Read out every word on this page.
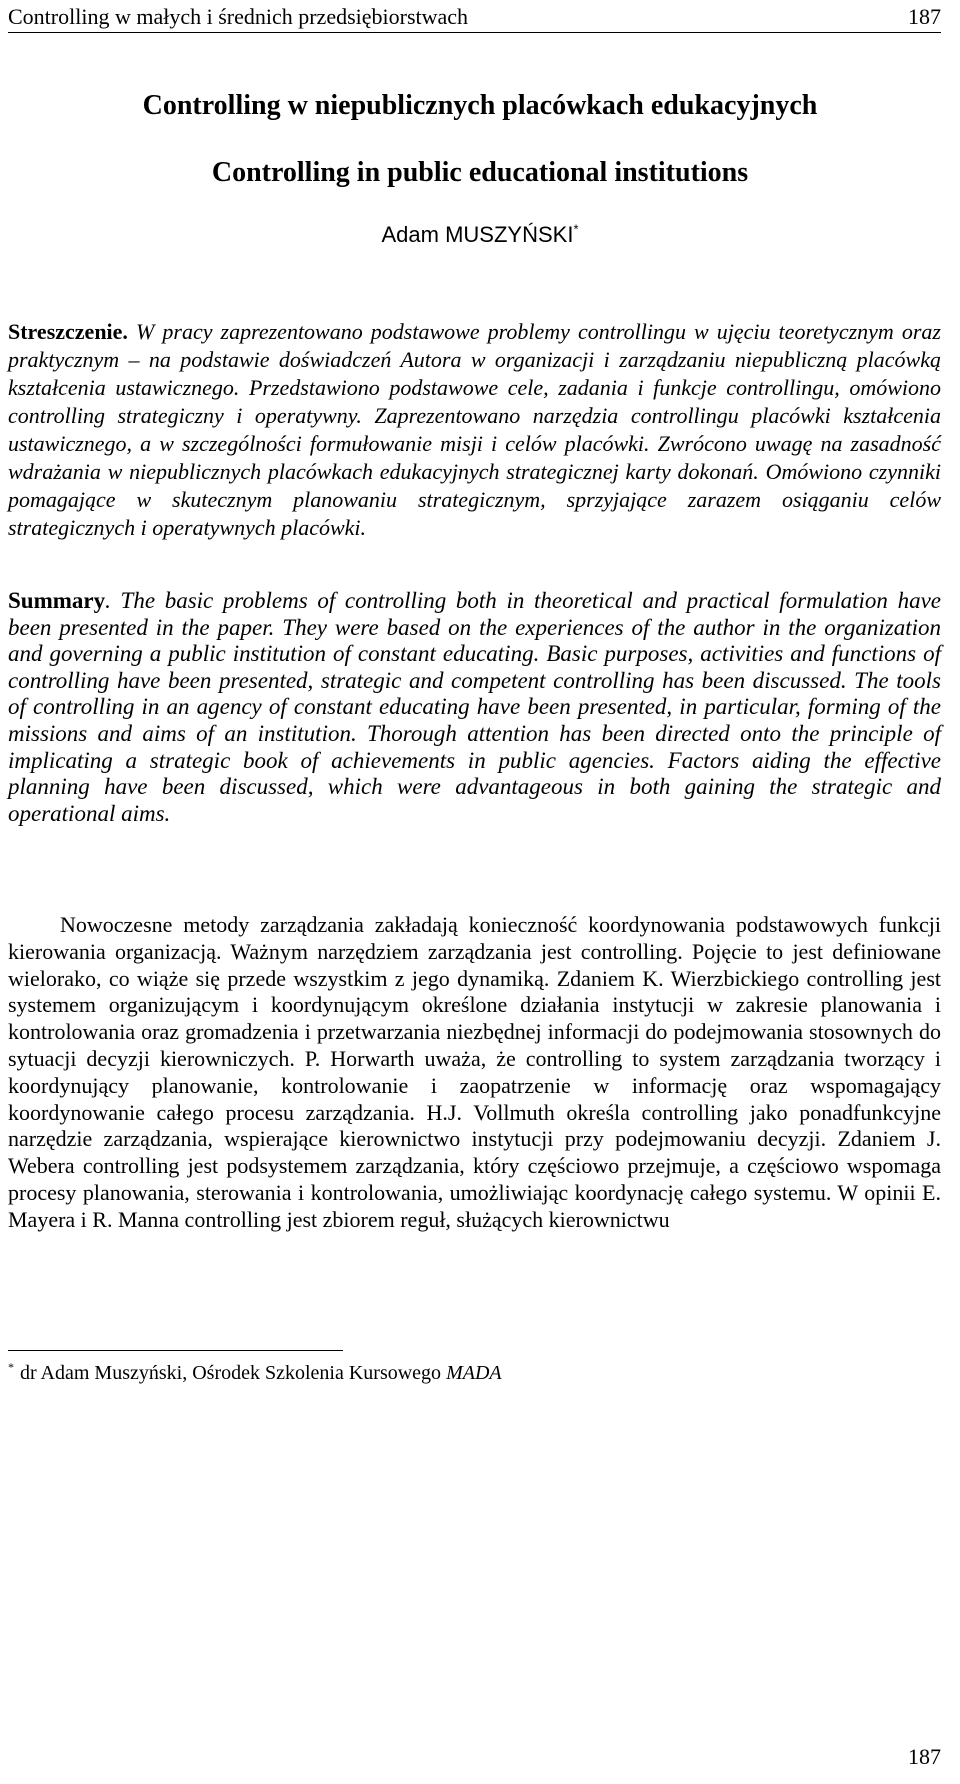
Controlling w małych i średnich przedsiębiorstwach	187
Controlling w niepublicznych placówkach edukacyjnych
Controlling in public educational institutions
Adam MUSZYŃSKI*
Streszczenie. W pracy zaprezentowano podstawowe problemy controllingu w ujęciu teoretycznym oraz praktycznym – na podstawie doświadczeń Autora w organizacji i zarządzaniu niepubliczną placówką kształcenia ustawicznego. Przedstawiono podstawowe cele, zadania i funkcje controllingu, omówiono controlling strategiczny i operatywny. Zaprezentowano narzędzia controllingu placówki kształcenia ustawicznego, a w szczególności formułowanie misji i celów placówki. Zwrócono uwagę na zasadność wdrażania w niepublicznych placówkach edukacyjnych strategicznej karty dokonań. Omówiono czynniki pomagające w skutecznym planowaniu strategicznym, sprzyjające zarazem osiąganiu celów strategicznych i operatywnych placówki.
Summary. The basic problems of controlling both in theoretical and practical formulation have been presented in the paper. They were based on the experiences of the author in the organization and governing a public institution of constant educating. Basic purposes, activities and functions of controlling have been presented, strategic and competent controlling has been discussed. The tools of controlling in an agency of constant educating have been presented, in particular, forming of the missions and aims of an institution. Thorough attention has been directed onto the principle of implicating a strategic book of achievements in public agencies. Factors aiding the effective planning have been discussed, which were advantageous in both gaining the strategic and operational aims.
Nowoczesne metody zarządzania zakładają konieczność koordynowania podstawowych funkcji kierowania organizacją. Ważnym narzędziem zarządzania jest controlling. Pojęcie to jest definiowane wielorako, co wiąże się przede wszystkim z jego dynamiką. Zdaniem K. Wierzbickiego controlling jest systemem organizującym i koordynującym określone działania instytucji w zakresie planowania i kontrolowania oraz gromadzenia i przetwarzania niezbędnej informacji do podejmowania stosownych do sytuacji decyzji kierowniczych. P. Horwarth uważa, że controlling to system zarządzania tworzący i koordynujący planowanie, kontrolowanie i zaopatrzenie w informację oraz wspomagający koordynowanie całego procesu zarządzania. H.J. Vollmuth określa controlling jako ponadfunkcyjne narzędzie zarządzania, wspierające kierownictwo instytucji przy podejmowaniu decyzji. Zdaniem J. Webera controlling jest podsystemem zarządzania, który częściowo przejmuje, a częściowo wspomaga procesy planowania, sterowania i kontrolowania, umożliwiając koordynację całego systemu. W opinii E. Mayera i R. Manna controlling jest zbiorem reguł, służących kierownictwu
* dr Adam Muszyński, Ośrodek Szkolenia Kursowego MADA
187
